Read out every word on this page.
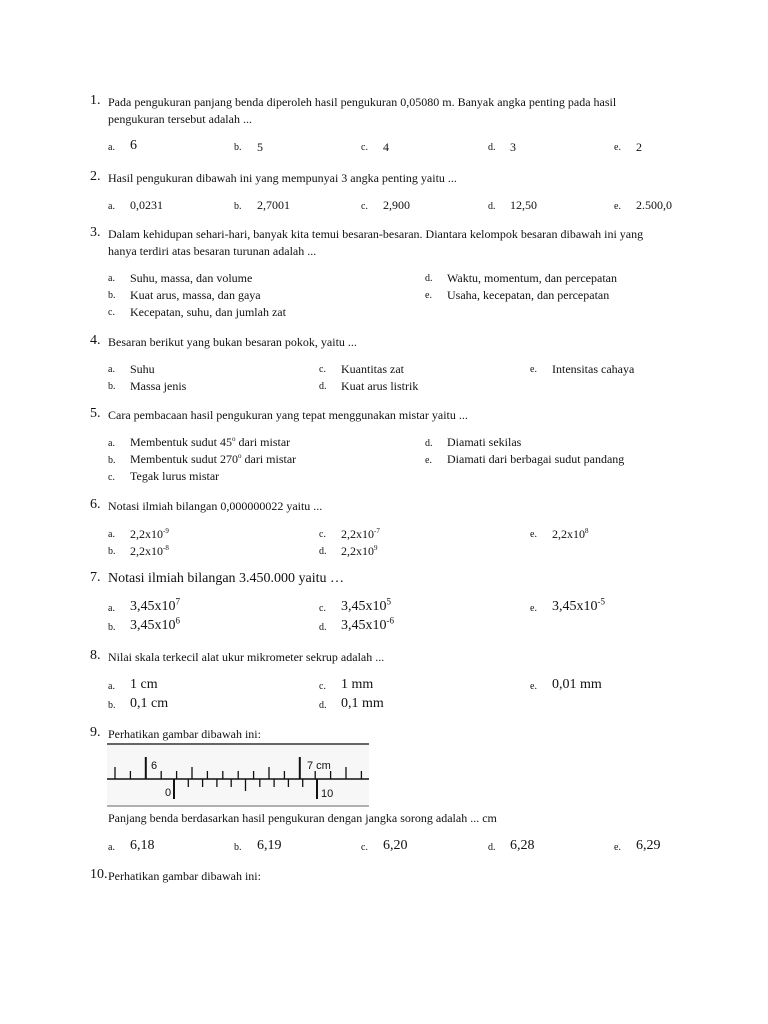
1. Pada pengukuran panjang benda diperoleh hasil pengukuran 0,05080 m. Banyak angka penting pada hasil
pengukuran tersebut adalah ...
a. 6	b. 5	c. 4	d. 3	e. 2
2. Hasil pengukuran dibawah ini yang mempunyai 3 angka penting yaitu ...
a. 0,0231	b. 2,7001	c. 2,900	d. 12,50	e. 2.500,0
3. Dalam kehidupan sehari-hari, banyak kita temui besaran-besaran. Diantara kelompok besaran dibawah ini yang
hanya terdiri atas besaran turunan adalah ...
a. Suhu, massa, dan volume
b. Kuat arus, massa, dan gaya
c. Kecepatan, suhu, dan jumlah zat
d. Waktu, momentum, dan percepatan
e. Usaha, kecepatan, dan percepatan
4. Besaran berikut yang bukan besaran pokok, yaitu ...
a. Suhu
b. Massa jenis
c. Kuantitas zat
d. Kuat arus listrik
e. Intensitas cahaya
5. Cara pembacaan hasil pengukuran yang tepat menggunakan mistar yaitu ...
a. Membentuk sudut 45$^o$ dari mistar
b. Membentuk sudut 270$^o$ dari mistar
c. Tegak lurus mistar
d. Diamati sekilas
e. Diamati dari berbagai sudut pandang
6. Notasi ilmiah bilangan 0,000000022 yaitu ...
a. $2,2x10^{-9}$
b. $2,2x10^{-8}$
c. $2,2x10^{-7}$
d. $2,2x10^9$
e. $2,2x10^8$
7. Notasi ilmiah bilangan 3.450.000 yaitu …
a. $3,45x10^7$
b. $3,45x10^6$
c. $3,45x10^5$
d. $3,45x10^{-6}$
e. $3,45x10^{-5}$
8. Nilai skala terkecil alat ukur mikrometer sekrup adalah ...
a. 1 cm
b. 0,1 cm
c. 1 mm
d. 0,1 mm
e. 0,01 mm
9. Perhatikan gambar dibawah ini:
6	7 cm
0	10
Panjang benda berdasarkan hasil pengukuran dengan jangka sorong adalah ... cm
a. 6,18	b. 6,19	c. 6,20	d. 6,28	e. 6,29
10. Perhatikan gambar dibawah ini:
